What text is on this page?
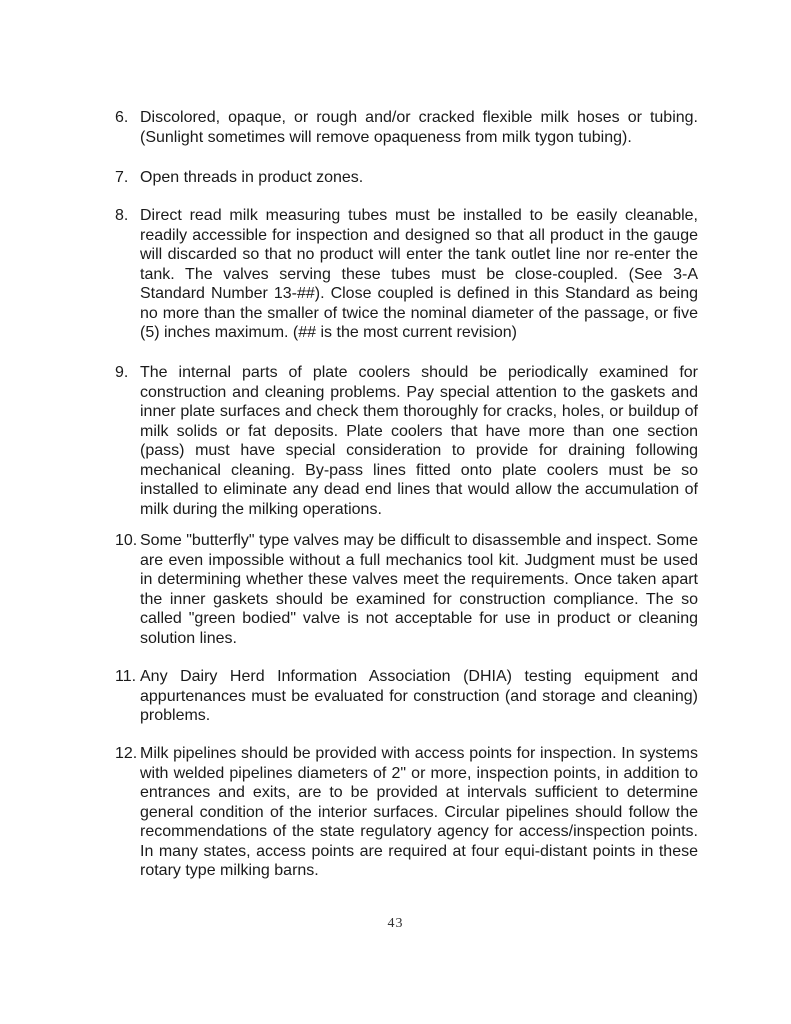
6. Discolored, opaque, or rough and/or cracked flexible milk hoses or tubing. (Sunlight sometimes will remove opaqueness from milk tygon tubing).
7. Open threads in product zones.
8. Direct read milk measuring tubes must be installed to be easily cleanable, readily accessible for inspection and designed so that all product in the gauge will discarded so that no product will enter the tank outlet line nor re-enter the tank. The valves serving these tubes must be close-coupled. (See 3-A Standard Number 13-##). Close coupled is defined in this Standard as being no more than the smaller of twice the nominal diameter of the passage, or five (5) inches maximum. (## is the most current revision)
9. The internal parts of plate coolers should be periodically examined for construction and cleaning problems. Pay special attention to the gaskets and inner plate surfaces and check them thoroughly for cracks, holes, or buildup of milk solids or fat deposits. Plate coolers that have more than one section (pass) must have special consideration to provide for draining following mechanical cleaning. By-pass lines fitted onto plate coolers must be so installed to eliminate any dead end lines that would allow the accumulation of milk during the milking operations.
10. Some "butterfly" type valves may be difficult to disassemble and inspect. Some are even impossible without a full mechanics tool kit. Judgment must be used in determining whether these valves meet the requirements. Once taken apart the inner gaskets should be examined for construction compliance. The so called "green bodied" valve is not acceptable for use in product or cleaning solution lines.
11. Any Dairy Herd Information Association (DHIA) testing equipment and appurtenances must be evaluated for construction (and storage and cleaning) problems.
12. Milk pipelines should be provided with access points for inspection. In systems with welded pipelines diameters of 2" or more, inspection points, in addition to entrances and exits, are to be provided at intervals sufficient to determine general condition of the interior surfaces. Circular pipelines should follow the recommendations of the state regulatory agency for access/inspection points. In many states, access points are required at four equi-distant points in these rotary type milking barns.
43
